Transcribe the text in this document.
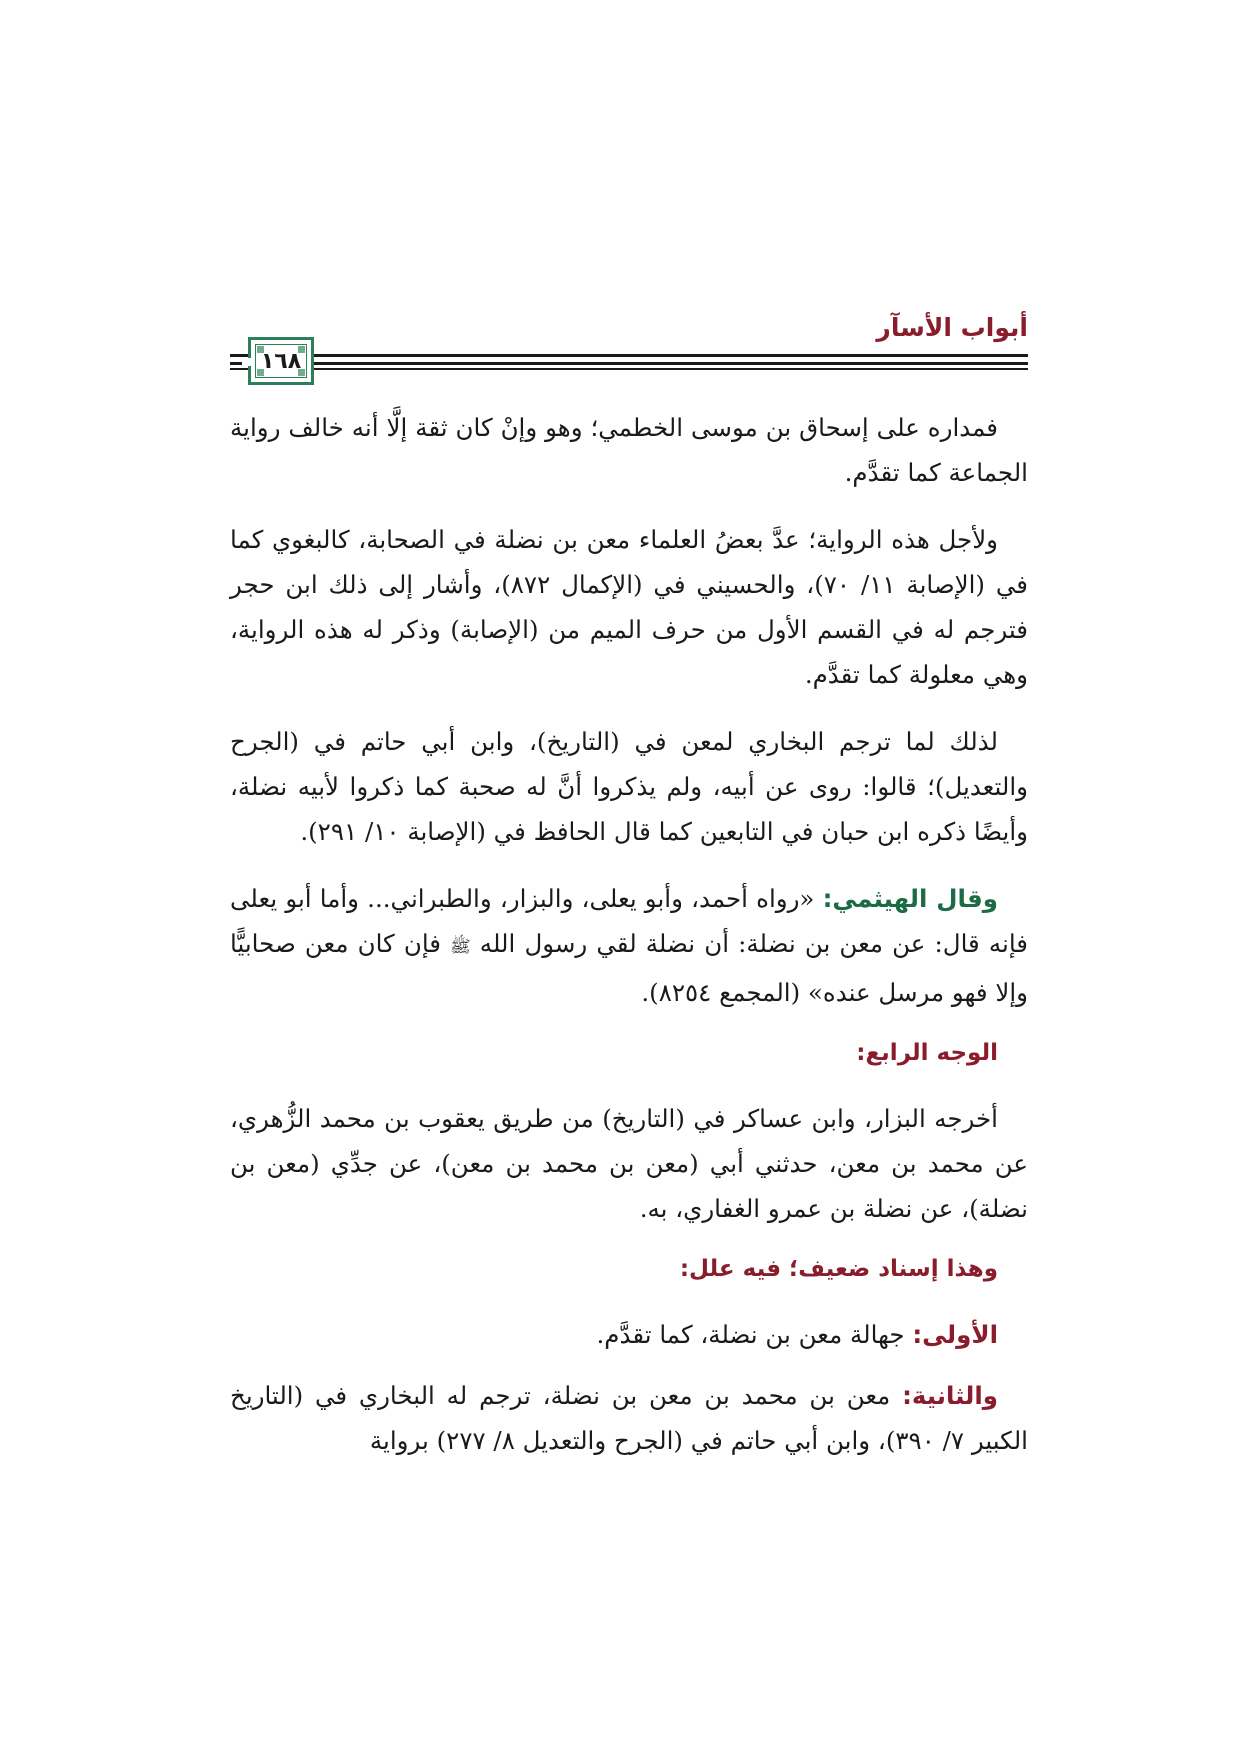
أبواب الأسآر
١٦٨

فمداره على إسحاق بن موسى الخطمي؛ وهو وإنْ كان ثقة إلَّا أنه خالف رواية الجماعة كما تقدَّم.

ولأجل هذه الرواية؛ عدَّ بعضُ العلماء معن بن نضلة في الصحابة، كالبغوي كما في (الإصابة ١١/ ٧٠)، والحسيني في (الإكمال ٨٧٢)، وأشار إلى ذلك ابن حجر فترجم له في القسم الأول من حرف الميم من (الإصابة) وذكر له هذه الرواية، وهي معلولة كما تقدَّم.

لذلك لما ترجم البخاري لمعن في (التاريخ)، وابن أبي حاتم في (الجرح والتعديل)؛ قالوا: روى عن أبيه، ولم يذكروا أنَّ له صحبة كما ذكروا لأبيه نضلة، وأيضًا ذكره ابن حبان في التابعين كما قال الحافظ في (الإصابة ١٠/ ٢٩١).

وقال الهيثمي: «رواه أحمد، وأبو يعلى، والبزار، والطبراني... وأما أبو يعلى فإنه قال: عن معن بن نضلة: أن نضلة لقي رسول الله ﷺ فإن كان معن صحابيًّا وإلا فهو مرسل عنده» (المجمع ٨٢٥٤).

الوجه الرابع:

أخرجه البزار، وابن عساكر في (التاريخ) من طريق يعقوب بن محمد الزُّهري، عن محمد بن معن، حدثني أبي (معن بن محمد بن معن)، عن جدِّي (معن بن نضلة)، عن نضلة بن عمرو الغفاري، به.

وهذا إسناد ضعيف؛ فيه علل:

الأولى: جهالة معن بن نضلة، كما تقدَّم.

والثانية: معن بن محمد بن معن بن نضلة، ترجم له البخاري في (التاريخ الكبير ٧/ ٣٩٠)، وابن أبي حاتم في (الجرح والتعديل ٨/ ٢٧٧) برواية
